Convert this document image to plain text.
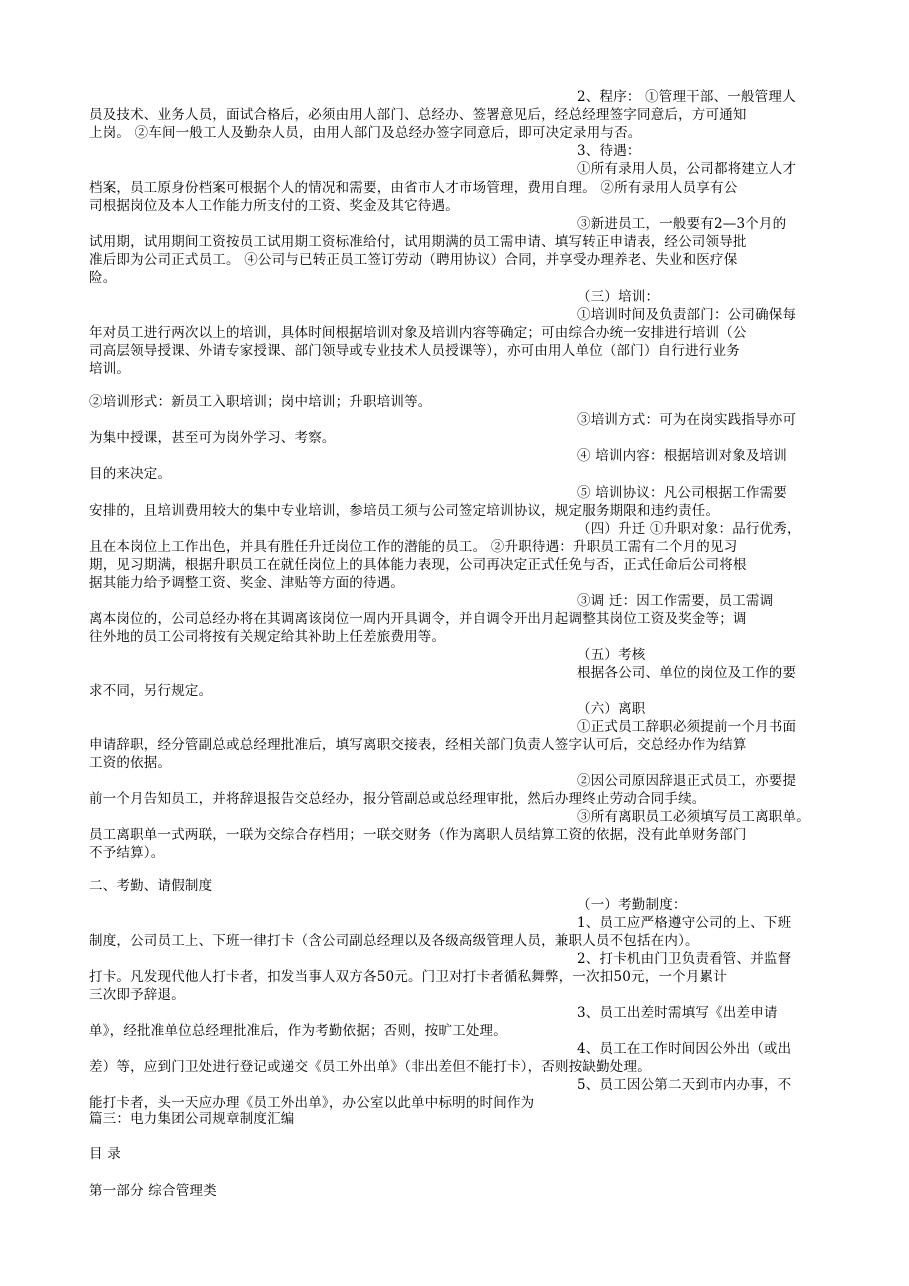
2、程序： ①管理干部、一般管理人
员及技术、业务人员，面试合格后，必须由用人部门、总经办、签署意见后，经总经理签字同意后，方可通知
上岗。 ②车间一般工人及勤杂人员，由用人部门及总经办签字同意后，即可决定录用与否。
3、待遇：
①所有录用人员，公司都将建立人才
档案，员工原身份档案可根据个人的情况和需要，由省市人才市场管理，费用自理。 ②所有录用人员享有公
司根据岗位及本人工作能力所支付的工资、奖金及其它待遇。
③新进员工，一般要有2—3个月的
试用期，试用期间工资按员工试用期工资标准给付，试用期满的员工需申请、填写转正申请表，经公司领导批
准后即为公司正式员工。 ④公司与已转正员工签订劳动（聘用协议）合同，并享受办理养老、失业和医疗保
险。
（三）培训：
①培训时间及负责部门：公司确保每
年对员工进行两次以上的培训，具体时间根据培训对象及培训内容等确定；可由综合办统一安排进行培训（公
司高层领导授课、外请专家授课、部门领导或专业技术人员授课等），亦可由用人单位（部门）自行进行业务
培训。
②培训形式：新员工入职培训；岗中培训；升职培训等。
③培训方式：可为在岗实践指导亦可
为集中授课，甚至可为岗外学习、考察。
④ 培训内容：根据培训对象及培训
目的来决定。
⑤ 培训协议：凡公司根据工作需要
安排的，且培训费用较大的集中专业培训，参培员工须与公司签定培训协议，规定服务期限和违约责任。
（四）升迁 ①升职对象：品行优秀，
且在本岗位上工作出色，并具有胜任升迁岗位工作的潜能的员工。 ②升职待遇：升职员工需有二个月的见习
期，见习期满，根据升职员工在就任岗位上的具体能力表现，公司再决定正式任免与否，正式任命后公司将根
据其能力给予调整工资、奖金、津贴等方面的待遇。
③调 迁：因工作需要，员工需调
离本岗位的，公司总经办将在其调离该岗位一周内开具调令，并自调令开出月起调整其岗位工资及奖金等；调
往外地的员工公司将按有关规定给其补助上任差旅费用等。
（五）考核
根据各公司、单位的岗位及工作的要
求不同，另行规定。
（六）离职
①正式员工辞职必须提前一个月书面
申请辞职，经分管副总或总经理批准后，填写离职交接表，经相关部门负责人签字认可后，交总经办作为结算
工资的依据。
②因公司原因辞退正式员工，亦要提
前一个月告知员工，并将辞退报告交总经办，报分管副总或总经理审批，然后办理终止劳动合同手续。
③所有离职员工必须填写员工离职单。
员工离职单一式两联，一联为交综合存档用；一联交财务（作为离职人员结算工资的依据，没有此单财务部门
不予结算）。
二、考勤、请假制度
（一）考勤制度：
1、员工应严格遵守公司的上、下班
制度，公司员工上、下班一律打卡（含公司副总经理以及各级高级管理人员，兼职人员不包括在内）。
2、打卡机由门卫负责看管、并监督
打卡。凡发现代他人打卡者，扣发当事人双方各50元。门卫对打卡者循私舞弊，一次扣50元，一个月累计
三次即予辞退。
3、员工出差时需填写《出差申请
单》，经批准单位总经理批准后，作为考勤依据；否则，按旷工处理。
4、员工在工作时间因公外出（或出
差）等，应到门卫处进行登记或递交《员工外出单》（非出差但不能打卡），否则按缺勤处理。
5、员工因公第二天到市内办事，不
能打卡者，头一天应办理《员工外出单》，办公室以此单中标明的时间作为
篇三：电力集团公司规章制度汇编
目 录
第一部分 综合管理类
